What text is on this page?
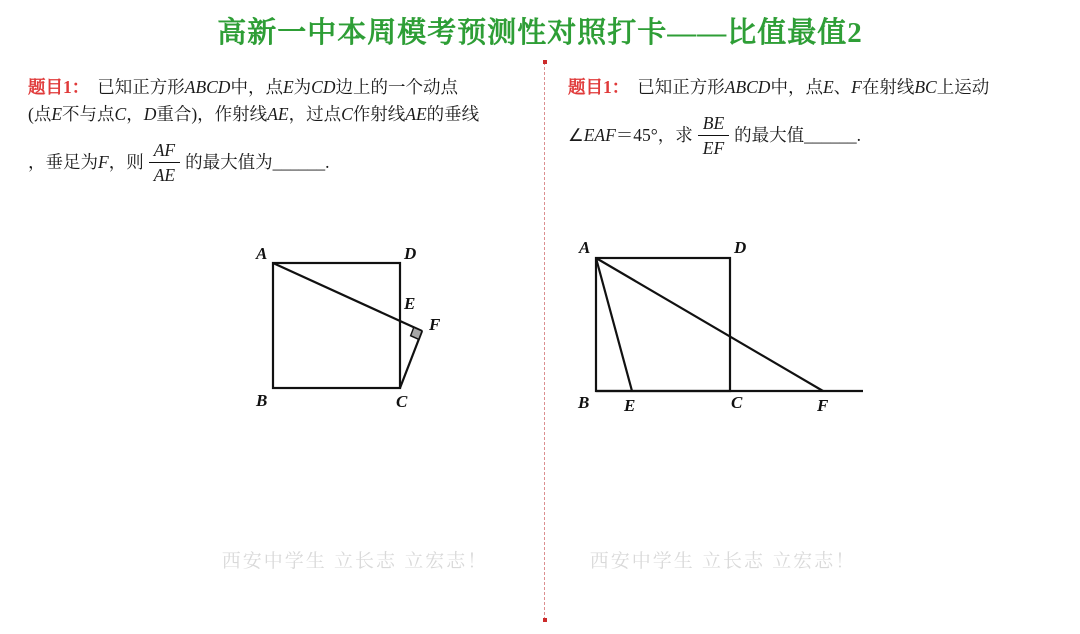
高新一中本周模考预测性对照打卡——比值最值2
题目1： 已知正方形ABCD中，点E为CD边上的一个动点
(点E不与点C，D重合)，作射线AE，过点C作射线AE的垂线
，垂足为F，则 $\frac{AF}{AE}$ 的最大值为______.
题目1： 已知正方形ABCD中，点E、F在射线BC上运动
∠EAF＝45°，求 $\frac{BE}{EF}$ 的最大值______.
A	D
B	C
E
F
A	D
B	C
E	F
西安中学生 立长志 立宏志！	西安中学生 立长志 立宏志！
